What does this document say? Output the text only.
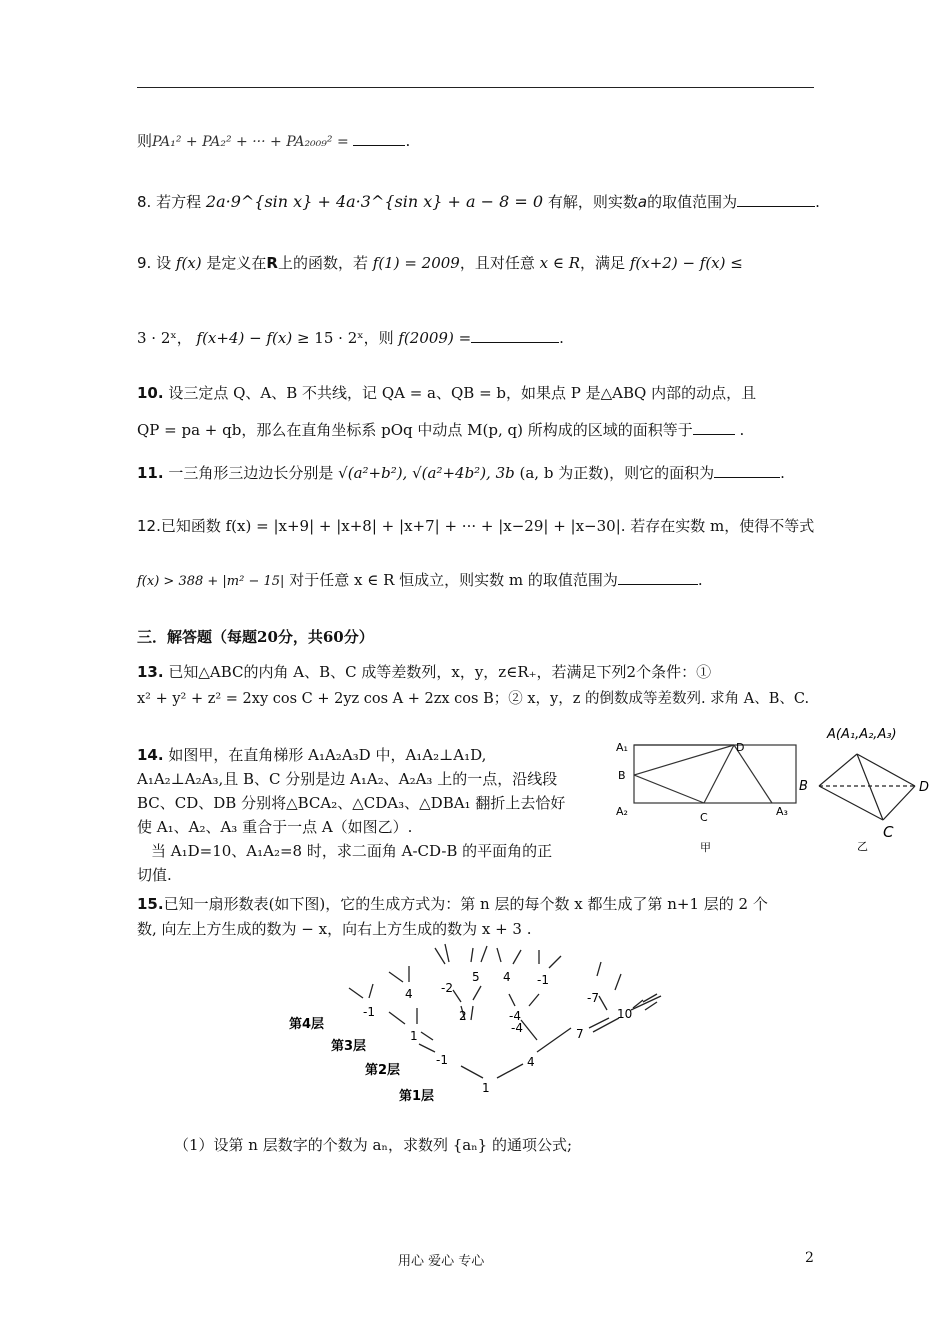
则PA₁² + PA₂² + ··· + PA₂₀₀₉² =	.
8. 若方程 2a·9^{sin x} + 4a·3^{sin x} + a − 8 = 0 有解，则实数a的取值范围为	.
9. 设 f(x) 是定义在R上的函数，若 f(1) = 2009，且对任意 x ∈ R，满足 f(x+2) − f(x) ≤
3 · 2ˣ， f(x+4) − f(x) ≥ 15 · 2ˣ，则 f(2009) =	.
10. 设三定点 Q、A、B 不共线，记 QA = a、QB = b，如果点 P 是△ABQ 内部的动点，且
QP = pa + qb，那么在直角坐标系 pOq 中动点 M(p, q) 所构成的区域的面积等于	.
11. 一三角形三边边长分别是 √(a²+b²), √(a²+4b²), 3b (a, b 为正数)，则它的面积为	.
12.已知函数 f(x) = |x+9| + |x+8| + |x+7| + ··· + |x−29| + |x−30|. 若存在实数 m，使得不等式
f(x) > 388 + |m² − 15| 对于任意 x ∈ R 恒成立，则实数 m 的取值范围为	.
三．解答题（每题20分，共60分）
13. 已知△ABC的内角 A、B、C 成等差数列，x，y，z∈R₊，若满足下列2个条件：①
x² + y² + z² = 2xy cos C + 2yz cos A + 2zx cos B；② x，y，z 的倒数成等差数列. 求角 A、B、C.
14. 如图甲，在直角梯形 A₁A₂A₃D 中，A₁A₂⊥A₁D,
A₁A₂⊥A₂A₃,且 B、C 分别是边 A₁A₂、A₂A₃ 上的一点，沿线段
BC、CD、DB 分别将△BCA₂、△CDA₃、△DBA₁ 翻折上去恰好
使 A₁、A₂、A₃ 重合于一点 A（如图乙）.
当 A₁D=10、A₁A₂=8 时，求二面角 A-CD-B 的平面角的正
切值.
A₁
B
A₂
D
C	A₃
甲
A(A₁,A₂,A₃)
B	D
C
乙
15.已知一扇形数表(如下图)，它的生成方式为：第 n 层的每个数 x 都生成了第 n+1 层的 2 个
数, 向左上方生成的数为 − x，向右上方生成的数为 x + 3 .
1
-1	4
1
-4	7
-1
4
2	-4
-7
10
-2
5 4 -1
第4层
第3层
第2层
第1层
（1）设第 n 层数字的个数为 aₙ，求数列 {aₙ} 的通项公式;
用心 爱心 专心	2
